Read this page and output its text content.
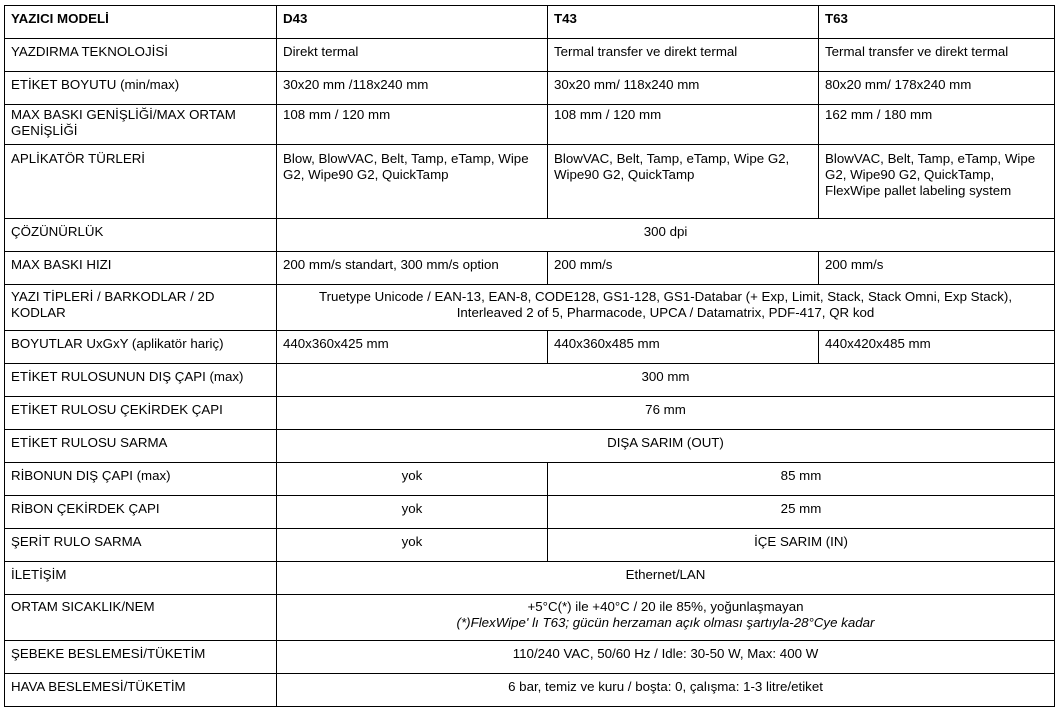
YAZICI MODELİ	D43	T43	T63
YAZDIRMA TEKNOLOJİSİ	Direkt termal	Termal transfer ve direkt termal	Termal transfer ve direkt termal
ETİKET BOYUTU (min/max)	30x20 mm /118x240 mm	30x20 mm/ 118x240 mm	80x20 mm/ 178x240 mm
MAX BASKI GENİŞLİĞİ/MAX ORTAM GENİŞLİĞİ	108 mm / 120 mm	108 mm / 120 mm	162 mm / 180 mm
APLİKATÖR TÜRLERİ	Blow, BlowVAC, Belt, Tamp, eTamp, Wipe G2, Wipe90 G2, QuickTamp	BlowVAC, Belt, Tamp, eTamp, Wipe G2, Wipe90 G2, QuickTamp	BlowVAC, Belt, Tamp, eTamp, Wipe G2, Wipe90 G2, QuickTamp, FlexWipe pallet labeling system
ÇÖZÜNÜRLÜK	300 dpi		
MAX BASKI HIZI	200 mm/s standart, 300 mm/s option	200 mm/s	200 mm/s
YAZI TİPLERİ / BARKODLAR / 2D KODLAR	Truetype Unicode / EAN-13, EAN-8, CODE128, GS1-128, GS1-Databar (+ Exp, Limit, Stack, Stack Omni, Exp Stack),
Interleaved 2 of 5, Pharmacode, UPCA / Datamatrix, PDF-417, QR kod		

BOYUTLAR UxGxY (aplikatör hariç)	440x360x425 mm	440x360x485 mm	440x420x485 mm
ETİKET RULOSUNUN DIŞ ÇAPI (max)	300 mm		
ETİKET RULOSU ÇEKİRDEK ÇAPI	76 mm		
ETİKET RULOSU SARMA	DIŞA SARIM (OUT)		
RİBONUN DIŞ ÇAPI (max)	yok	85 mm	
RİBON ÇEKİRDEK ÇAPI	yok	25 mm	
ŞERİT RULO SARMA	yok	İÇE SARIM (IN)	
İLETİŞİM	Ethernet/LAN		
ORTAM SICAKLIK/NEM	+5°C(*) ile +40°C / 20 ile 85%, yoğunlaşmayan
(*)FlexWipe' lı T63; gücün herzaman açık olması şartıyla-28°Cye kadar		

ŞEBEKE BESLEMESİ/TÜKETİM	110/240 VAC, 50/60 Hz / Idle: 30-50 W, Max: 400 W		
HAVA BESLEMESİ/TÜKETİM	6 bar, temiz ve kuru / boşta: 0, çalışma: 1-3 litre/etiket		
